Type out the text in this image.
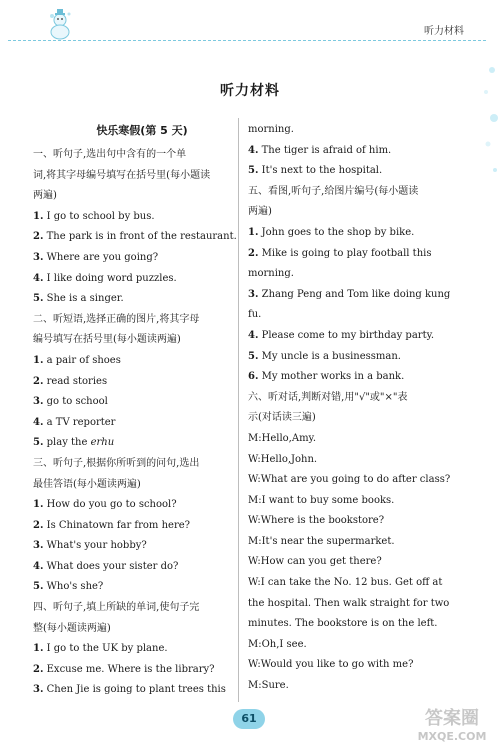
听力材料
听力材料
快乐寒假(第 5 天)
一、听句子,选出句中含有的一个单
词,将其字母编号填写在括号里(每小题读
两遍)
1. I go to school by bus.
2. The park is in front of the restaurant.
3. Where are you going?
4. I like doing word puzzles.
5. She is a singer.
二、听短语,选择正确的图片,将其字母
编号填写在括号里(每小题读两遍)
1. a pair of shoes
2. read stories
3. go to school
4. a TV reporter
5. play the erhu
三、听句子,根据你所听到的问句,选出
最佳答语(每小题读两遍)
1. How do you go to school?
2. Is Chinatown far from here?
3. What's your hobby?
4. What does your sister do?
5. Who's she?
四、听句子,填上所缺的单词,使句子完
整(每小题读两遍)
1. I go to the UK by plane.
2. Excuse me. Where is the library?
3. Chen Jie is going to plant trees this
morning.
4. The tiger is afraid of him.
5. It's next to the hospital.
五、看图,听句子,给图片编号(每小题读
两遍)
1. John goes to the shop by bike.
2. Mike is going to play football this
morning.
3. Zhang Peng and Tom like doing kung
fu.
4. Please come to my birthday party.
5. My uncle is a businessman.
6. My mother works in a bank.
六、听对话,判断对错,用"√"或"×"表
示(对话读三遍)
M:Hello,Amy.
W:Hello,John.
W:What are you going to do after class?
M:I want to buy some books.
W:Where is the bookstore?
M:It's near the supermarket.
W:How can you get there?
W:I can take the No. 12 bus. Get off at
the hospital. Then walk straight for two
minutes. The bookstore is on the left.
M:Oh,I see.
W:Would you like to go with me?
M:Sure.
61	答案圈
MXQE.COM
